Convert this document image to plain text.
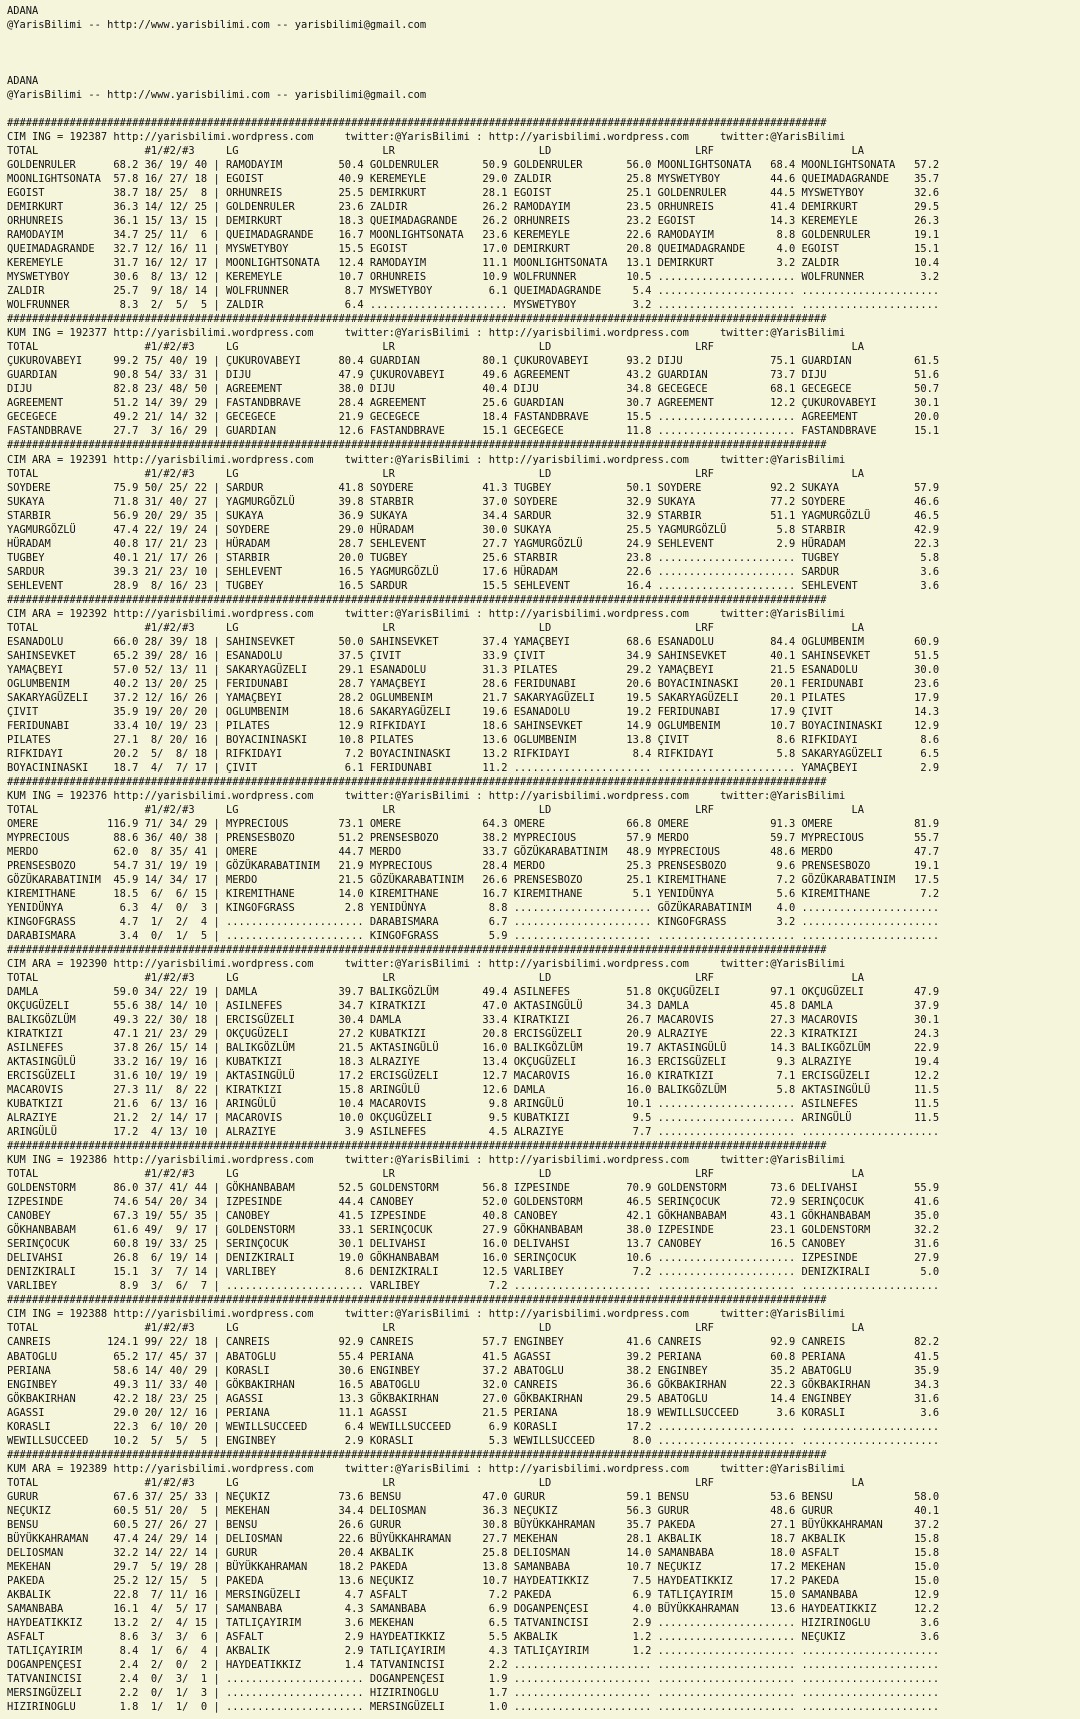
ADANA
@YarisBilimi -- http://www.yarisbilimi.com -- yarisbilimi@gmail.com

ADANA
@YarisBilimi -- http://www.yarisbilimi.com -- yarisbilimi@gmail.com

###################################################################################################################################
CIM ING = 192387 http://yarisbilimi.wordpress.com     twitter:@YarisBilimi : http://yarisbilimi.wordpress.com     twitter:@YarisBilimi
TOTAL                 #1/#2/#3     LG                       LR                       LD                       LRF                      LA
GOLDENRULER      68.2 36/ 19/ 40 | RAMODAYIM         50.4 GOLDENRULER       50.9 GOLDENRULER       56.0 MOONLIGHTSONATA   68.4 MOONLIGHTSONATA   57.2
MOONLIGHTSONATA  57.8 16/ 27/ 18 | EGOIST            40.9 KEREMEYLE         29.0 ZALDIR            25.8 MYSWETYBOY        44.6 QUEIMADAGRANDE    35.7
EGOIST           38.7 18/ 25/  8 | ORHUNREIS         25.5 DEMIRKURT         28.1 EGOIST            25.1 GOLDENRULER       44.5 MYSWETYBOY        32.6
DEMIRKURT        36.3 14/ 12/ 25 | GOLDENRULER       23.6 ZALDIR            26.2 RAMODAYIM         23.5 ORHUNREIS         41.4 DEMIRKURT         29.5
ORHUNREIS        36.1 15/ 13/ 15 | DEMIRKURT         18.3 QUEIMADAGRANDE    26.2 ORHUNREIS         23.2 EGOIST            14.3 KEREMEYLE         26.3
RAMODAYIM        34.7 25/ 11/  6 | QUEIMADAGRANDE    16.7 MOONLIGHTSONATA   23.6 KEREMEYLE         22.6 RAMODAYIM          8.8 GOLDENRULER       19.1
QUEIMADAGRANDE   32.7 12/ 16/ 11 | MYSWETYBOY        15.5 EGOIST            17.0 DEMIRKURT         20.8 QUEIMADAGRANDE     4.0 EGOIST            15.1
KEREMEYLE        31.7 16/ 12/ 17 | MOONLIGHTSONATA   12.4 RAMODAYIM         11.1 MOONLIGHTSONATA   13.1 DEMIRKURT          3.2 ZALDIR            10.4
MYSWETYBOY       30.6  8/ 13/ 12 | KEREMEYLE         10.7 ORHUNREIS         10.9 WOLFRUNNER        10.5 ...................... WOLFRUNNER         3.2
ZALDIR           25.7  9/ 18/ 14 | WOLFRUNNER         8.7 MYSWETYBOY         6.1 QUEIMADAGRANDE     5.4 ...................... ......................
WOLFRUNNER        8.3  2/  5/  5 | ZALDIR             6.4 ...................... MYSWETYBOY         3.2 ...................... ......................
###################################################################################################################################
KUM ING = 192377 http://yarisbilimi.wordpress.com     twitter:@YarisBilimi : http://yarisbilimi.wordpress.com     twitter:@YarisBilimi
TOTAL                 #1/#2/#3     LG                       LR                       LD                       LRF                      LA
ÇUKUROVABEYI     99.2 75/ 40/ 19 | ÇUKUROVABEYI      80.4 GUARDIAN          80.1 ÇUKUROVABEYI      93.2 DIJU              75.1 GUARDIAN          61.5
GUARDIAN         90.8 54/ 33/ 31 | DIJU              47.9 ÇUKUROVABEYI      49.6 AGREEMENT         43.2 GUARDIAN          73.7 DIJU              51.6
DIJU             82.8 23/ 48/ 50 | AGREEMENT         38.0 DIJU              40.4 DIJU              34.8 GECEGECE          68.1 GECEGECE          50.7
AGREEMENT        51.2 14/ 39/ 29 | FASTANDBRAVE      28.4 AGREEMENT         25.6 GUARDIAN          30.7 AGREEMENT         12.2 ÇUKUROVABEYI      30.1
GECEGECE         49.2 21/ 14/ 32 | GECEGECE          21.9 GECEGECE          18.4 FASTANDBRAVE      15.5 ...................... AGREEMENT         20.0
FASTANDBRAVE     27.7  3/ 16/ 29 | GUARDIAN          12.6 FASTANDBRAVE      15.1 GECEGECE          11.8 ...................... FASTANDBRAVE      15.1
###################################################################################################################################
CIM ARA = 192391 http://yarisbilimi.wordpress.com     twitter:@YarisBilimi : http://yarisbilimi.wordpress.com     twitter:@YarisBilimi
TOTAL                 #1/#2/#3     LG                       LR                       LD                       LRF                      LA
SOYDERE          75.9 50/ 25/ 22 | SARDUR            41.8 SOYDERE           41.3 TUGBEY            50.1 SOYDERE           92.2 SUKAYA            57.9
SUKAYA           71.8 31/ 40/ 27 | YAGMURGÖZLÜ       39.8 STARBIR           37.0 SOYDERE           32.9 SUKAYA            77.2 SOYDERE           46.6
STARBIR          56.9 20/ 29/ 35 | SUKAYA            36.9 SUKAYA            34.4 SARDUR            32.9 STARBIR           51.1 YAGMURGÖZLÜ       46.5
YAGMURGÖZLÜ      47.4 22/ 19/ 24 | SOYDERE           29.0 HÜRADAM           30.0 SUKAYA            25.5 YAGMURGÖZLÜ        5.8 STARBIR           42.9
HÜRADAM          40.8 17/ 21/ 23 | HÜRADAM           28.7 SEHLEVENT         27.7 YAGMURGÖZLÜ       24.9 SEHLEVENT          2.9 HÜRADAM           22.3
TUGBEY           40.1 21/ 17/ 26 | STARBIR           20.0 TUGBEY            25.6 STARBIR           23.8 ...................... TUGBEY             5.8
SARDUR           39.3 21/ 23/ 10 | SEHLEVENT         16.5 YAGMURGÖZLÜ       17.6 HÜRADAM           22.6 ...................... SARDUR             3.6
SEHLEVENT        28.9  8/ 16/ 23 | TUGBEY            16.5 SARDUR            15.5 SEHLEVENT         16.4 ...................... SEHLEVENT          3.6
###################################################################################################################################
CIM ARA = 192392 http://yarisbilimi.wordpress.com     twitter:@YarisBilimi : http://yarisbilimi.wordpress.com     twitter:@YarisBilimi
TOTAL                 #1/#2/#3     LG                       LR                       LD                       LRF                      LA
ESANADOLU        66.0 28/ 39/ 18 | SAHINSEVKET       50.0 SAHINSEVKET       37.4 YAMAÇBEYI         68.6 ESANADOLU         84.4 OGLUMBENIM        60.9
SAHINSEVKET      65.2 39/ 28/ 16 | ESANADOLU         37.5 ÇIVIT             33.9 ÇIVIT             34.9 SAHINSEVKET       40.1 SAHINSEVKET       51.5
YAMAÇBEYI        57.0 52/ 13/ 11 | SAKARYAGÜZELI     29.1 ESANADOLU         31.3 PILATES           29.2 YAMAÇBEYI         21.5 ESANADOLU         30.0
OGLUMBENIM       40.2 13/ 20/ 25 | FERIDUNABI        28.7 YAMAÇBEYI         28.6 FERIDUNABI        20.6 BOYACININASKI     20.1 FERIDUNABI        23.6
SAKARYAGÜZELI    37.2 12/ 16/ 26 | YAMAÇBEYI         28.2 OGLUMBENIM        21.7 SAKARYAGÜZELI     19.5 SAKARYAGÜZELI     20.1 PILATES           17.9
ÇIVIT            35.9 19/ 20/ 20 | OGLUMBENIM        18.6 SAKARYAGÜZELI     19.6 ESANADOLU         19.2 FERIDUNABI        17.9 ÇIVIT             14.3
FERIDUNABI       33.4 10/ 19/ 23 | PILATES           12.9 RIFKIDAYI         18.6 SAHINSEVKET       14.9 OGLUMBENIM        10.7 BOYACININASKI     12.9
PILATES          27.1  8/ 20/ 16 | BOYACININASKI     10.8 PILATES           13.6 OGLUMBENIM        13.8 ÇIVIT              8.6 RIFKIDAYI          8.6
RIFKIDAYI        20.2  5/  8/ 18 | RIFKIDAYI          7.2 BOYACININASKI     13.2 RIFKIDAYI          8.4 RIFKIDAYI          5.8 SAKARYAGÜZELI      6.5
BOYACININASKI    18.7  4/  7/ 17 | ÇIVIT              6.1 FERIDUNABI        11.2 ...................... ...................... YAMAÇBEYI          2.9
###################################################################################################################################
KUM ING = 192376 http://yarisbilimi.wordpress.com     twitter:@YarisBilimi : http://yarisbilimi.wordpress.com     twitter:@YarisBilimi
TOTAL                 #1/#2/#3     LG                       LR                       LD                       LRF                      LA
OMERE           116.9 71/ 34/ 29 | MYPRECIOUS        73.1 OMERE             64.3 OMERE             66.8 OMERE             91.3 OMERE             81.9
MYPRECIOUS       88.6 36/ 40/ 38 | PRENSESBOZO       51.2 PRENSESBOZO       38.2 MYPRECIOUS        57.9 MERDO             59.7 MYPRECIOUS        55.7
MERDO            62.0  8/ 35/ 41 | OMERE             44.7 MERDO             33.7 GÖZÜKARABATINIM   48.9 MYPRECIOUS        48.6 MERDO             47.7
PRENSESBOZO      54.7 31/ 19/ 19 | GÖZÜKARABATINIM   21.9 MYPRECIOUS        28.4 MERDO             25.3 PRENSESBOZO        9.6 PRENSESBOZO       19.1
GÖZÜKARABATINIM  45.9 14/ 34/ 17 | MERDO             21.5 GÖZÜKARABATINIM   26.6 PRENSESBOZO       25.1 KIREMITHANE        7.2 GÖZÜKARABATINIM   17.5
KIREMITHANE      18.5  6/  6/ 15 | KIREMITHANE       14.0 KIREMITHANE       16.7 KIREMITHANE        5.1 YENIDÜNYA          5.6 KIREMITHANE        7.2
YENIDÜNYA         6.3  4/  0/  3 | KINGOFGRASS        2.8 YENIDÜNYA          8.8 ...................... GÖZÜKARABATINIM    4.0 ......................
KINGOFGRASS       4.7  1/  2/  4 | ...................... DARABISMARA        6.7 ...................... KINGOFGRASS        3.2 ......................
DARABISMARA       3.4  0/  1/  5 | ...................... KINGOFGRASS        5.9 ...................... ...................... ......................
###################################################################################################################################
CIM ARA = 192390 http://yarisbilimi.wordpress.com     twitter:@YarisBilimi : http://yarisbilimi.wordpress.com     twitter:@YarisBilimi
TOTAL                 #1/#2/#3     LG                       LR                       LD                       LRF                      LA
DAMLA            59.0 34/ 22/ 19 | DAMLA             39.7 BALIKGÖZLÜM       49.4 ASILNEFES         51.8 OKÇUGÜZELI        97.1 OKÇUGÜZELI        47.9
OKÇUGÜZELI       55.6 38/ 14/ 10 | ASILNEFES         34.7 KIRATKIZI         47.0 AKTASINGÜLÜ       34.3 DAMLA             45.8 DAMLA             37.9
BALIKGÖZLÜM      49.3 22/ 30/ 18 | ERCISGÜZELI       30.4 DAMLA             33.4 KIRATKIZI         26.7 MACAROVIS         27.3 MACAROVIS         30.1
KIRATKIZI        47.1 21/ 23/ 29 | OKÇUGÜZELI        27.2 KUBATKIZI         20.8 ERCISGÜZELI       20.9 ALRAZIYE          22.3 KIRATKIZI         24.3
ASILNEFES        37.8 26/ 15/ 14 | BALIKGÖZLÜM       21.5 AKTASINGÜLÜ       16.0 BALIKGÖZLÜM       19.7 AKTASINGÜLÜ       14.3 BALIKGÖZLÜM       22.9
AKTASINGÜLÜ      33.2 16/ 19/ 16 | KUBATKIZI         18.3 ALRAZIYE          13.4 OKÇUGÜZELI        16.3 ERCISGÜZELI        9.3 ALRAZIYE          19.4
ERCISGÜZELI      31.6 10/ 19/ 19 | AKTASINGÜLÜ       17.2 ERCISGÜZELI       12.7 MACAROVIS         16.0 KIRATKIZI          7.1 ERCISGÜZELI       12.2
MACAROVIS        27.3 11/  8/ 22 | KIRATKIZI         15.8 ARINGÜLÜ          12.6 DAMLA             16.0 BALIKGÖZLÜM        5.8 AKTASINGÜLÜ       11.5
KUBATKIZI        21.6  6/ 13/ 16 | ARINGÜLÜ          10.4 MACAROVIS          9.8 ARINGÜLÜ          10.1 ...................... ASILNEFES         11.5
ALRAZIYE         21.2  2/ 14/ 17 | MACAROVIS         10.0 OKÇUGÜZELI         9.5 KUBATKIZI          9.5 ...................... ARINGÜLÜ          11.5
ARINGÜLÜ         17.2  4/ 13/ 10 | ALRAZIYE           3.9 ASILNEFES          4.5 ALRAZIYE           7.7 ...................... ......................
###################################################################################################################################
KUM ING = 192386 http://yarisbilimi.wordpress.com     twitter:@YarisBilimi : http://yarisbilimi.wordpress.com     twitter:@YarisBilimi
TOTAL                 #1/#2/#3     LG                       LR                       LD                       LRF                      LA
GOLDENSTORM      86.0 37/ 41/ 44 | GÖKHANBABAM       52.5 GOLDENSTORM       56.8 IZPESINDE         70.9 GOLDENSTORM       73.6 DELIVAHSI         55.9
IZPESINDE        74.6 54/ 20/ 34 | IZPESINDE         44.4 CANOBEY           52.0 GOLDENSTORM       46.5 SERINÇOCUK        72.9 SERINÇOCUK        41.6
CANOBEY          67.3 19/ 55/ 35 | CANOBEY           41.5 IZPESINDE         40.8 CANOBEY           42.1 GÖKHANBABAM       43.1 GÖKHANBABAM       35.0
GÖKHANBABAM      61.6 49/  9/ 17 | GOLDENSTORM       33.1 SERINÇOCUK        27.9 GÖKHANBABAM       38.0 IZPESINDE         23.1 GOLDENSTORM       32.2
SERINÇOCUK       60.8 19/ 33/ 25 | SERINÇOCUK        30.1 DELIVAHSI         16.0 DELIVAHSI         13.7 CANOBEY           16.5 CANOBEY           31.6
DELIVAHSI        26.8  6/ 19/ 14 | DENIZKIRALI       19.0 GÖKHANBABAM       16.0 SERINÇOCUK        10.6 ...................... IZPESINDE         27.9
DENIZKIRALI      15.1  3/  7/ 14 | VARLIBEY           8.6 DENIZKIRALI       12.5 VARLIBEY           7.2 ...................... DENIZKIRALI        5.0
VARLIBEY          8.9  3/  6/  7 | ...................... VARLIBEY           7.2 ...................... ...................... ......................
###################################################################################################################################
CIM ING = 192388 http://yarisbilimi.wordpress.com     twitter:@YarisBilimi : http://yarisbilimi.wordpress.com     twitter:@YarisBilimi
TOTAL                 #1/#2/#3     LG                       LR                       LD                       LRF                      LA
CANREIS         124.1 99/ 22/ 18 | CANREIS           92.9 CANREIS           57.7 ENGINBEY          41.6 CANREIS           92.9 CANREIS           82.2
ABATOGLU         65.2 17/ 45/ 37 | ABATOGLU          55.4 PERIANA           41.5 AGASSI            39.2 PERIANA           60.8 PERIANA           41.5
PERIANA          58.6 14/ 40/ 29 | KORASLI           30.6 ENGINBEY          37.2 ABATOGLU          38.2 ENGINBEY          35.2 ABATOGLU          35.9
ENGINBEY         49.3 11/ 33/ 40 | GÖKBAKIRHAN       16.5 ABATOGLU          32.0 CANREIS           36.6 GÖKBAKIRHAN       22.3 GÖKBAKIRHAN       34.3
GÖKBAKIRHAN      42.2 18/ 23/ 25 | AGASSI            13.3 GÖKBAKIRHAN       27.0 GÖKBAKIRHAN       29.5 ABATOGLU          14.4 ENGINBEY          31.6
AGASSI           29.0 20/ 12/ 16 | PERIANA           11.1 AGASSI            21.5 PERIANA           18.9 WEWILLSUCCEED      3.6 KORASLI            3.6
KORASLI          22.3  6/ 10/ 20 | WEWILLSUCCEED      6.4 WEWILLSUCCEED      6.9 KORASLI           17.2 ...................... ......................
WEWILLSUCCEED    10.2  5/  5/  5 | ENGINBEY           2.9 KORASLI            5.3 WEWILLSUCCEED      8.0 ...................... ......................
###################################################################################################################################
KUM ARA = 192389 http://yarisbilimi.wordpress.com     twitter:@YarisBilimi : http://yarisbilimi.wordpress.com     twitter:@YarisBilimi
TOTAL                 #1/#2/#3     LG                       LR                       LD                       LRF                      LA
GURUR            67.6 37/ 25/ 33 | NEÇUKIZ           73.6 BENSU             47.0 GURUR             59.1 BENSU             53.6 BENSU             58.0
NEÇUKIZ          60.5 51/ 20/  5 | MEKEHAN           34.4 DELIOSMAN         36.3 NEÇUKIZ           56.3 GURUR             48.6 GURUR             40.1
BENSU            60.5 27/ 26/ 27 | BENSU             26.6 GURUR             30.8 BÜYÜKKAHRAMAN     35.7 PAKEDA            27.1 BÜYÜKKAHRAMAN     37.2
BÜYÜKKAHRAMAN    47.4 24/ 29/ 14 | DELIOSMAN         22.6 BÜYÜKKAHRAMAN     27.7 MEKEHAN           28.1 AKBALIK           18.7 AKBALIK           15.8
DELIOSMAN        32.2 14/ 22/ 14 | GURUR             20.4 AKBALIK           25.8 DELIOSMAN         14.0 SAMANBABA         18.0 ASFALT            15.8
MEKEHAN          29.7  5/ 19/ 28 | BÜYÜKKAHRAMAN     18.2 PAKEDA            13.8 SAMANBABA         10.7 NEÇUKIZ           17.2 MEKEHAN           15.0
PAKEDA           25.2 12/ 15/  5 | PAKEDA            13.6 NEÇUKIZ           10.7 HAYDEATIKKIZ       7.5 HAYDEATIKKIZ      17.2 PAKEDA            15.0
AKBALIK          22.8  7/ 11/ 16 | MERSINGÜZELI       4.7 ASFALT             7.2 PAKEDA             6.9 TATLIÇAYIRIM      15.0 SAMANBABA         12.9
SAMANBABA        16.1  4/  5/ 17 | SAMANBABA          4.3 SAMANBABA          6.9 DOGANPENÇESI       4.0 BÜYÜKKAHRAMAN     13.6 HAYDEATIKKIZ      12.2
HAYDEATIKKIZ     13.2  2/  4/ 15 | TATLIÇAYIRIM       3.6 MEKEHAN            6.5 TATVANINCISI       2.9 ...................... HIZIRINOGLU        3.6
ASFALT            8.6  3/  3/  6 | ASFALT             2.9 HAYDEATIKKIZ       5.5 AKBALIK            1.2 ...................... NEÇUKIZ            3.6
TATLIÇAYIRIM      8.4  1/  6/  4 | AKBALIK            2.9 TATLIÇAYIRIM       4.3 TATLIÇAYIRIM       1.2 ...................... ......................
DOGANPENÇESI      2.4  2/  0/  2 | HAYDEATIKKIZ       1.4 TATVANINCISI       2.2 ...................... ...................... ......................
TATVANINCISI      2.4  0/  3/  1 | ...................... DOGANPENÇESI       1.9 ...................... ...................... ......................
MERSINGÜZELI      2.2  0/  1/  3 | ...................... HIZIRINOGLU        1.7 ...................... ...................... ......................
HIZIRINOGLU       1.8  1/  1/  0 | ...................... MERSINGÜZELI       1.0 ...................... ...................... ......................
